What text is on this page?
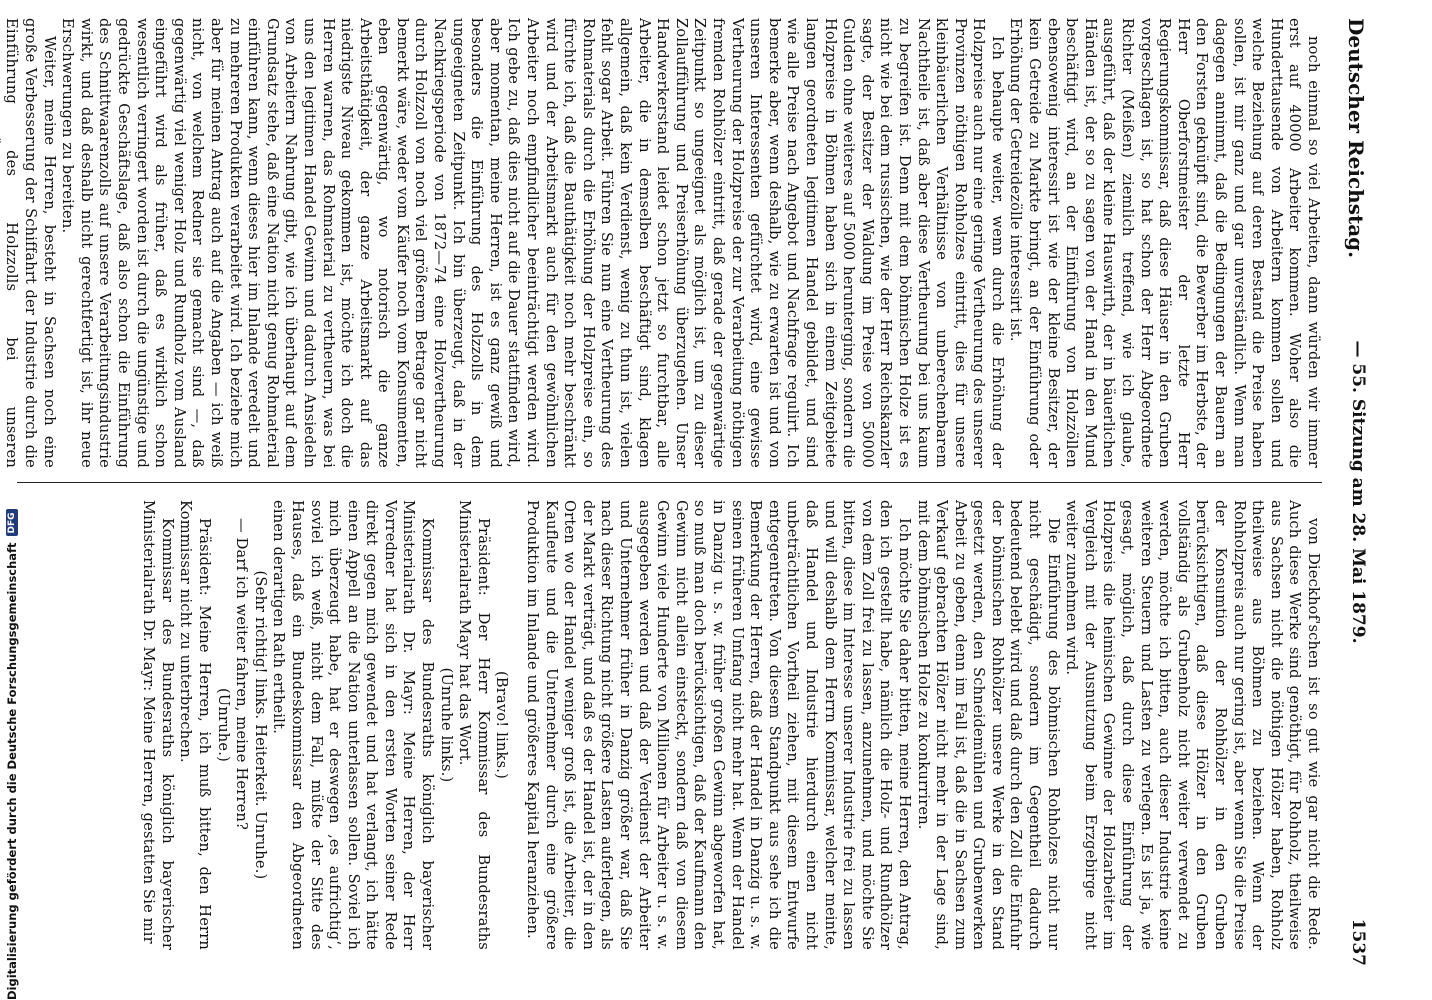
Deutscher Reichstag.
— 55. Sitzung am 28. Mai 1879.
1537

noch einmal so viel Arbeiten, dann würden wir immer erst auf 40000 Arbeiter kommen. Woher also die Hunderttausende von Arbeitern kommen sollen und welche Beziehung auf deren Bestand die Preise haben sollen, ist mir ganz und gar unverständlich. Wenn man dagegen annimmt, daß die Bedingungen der Bauern an den Forsten geknüpft sind, die Bewerber im Herbste, der Herr Oberforstmeister der letzte Herr Regierungskommissar, daß diese Häuser in den Gruben vorgeschlagen ist, so hat schon der Herr Abgeordnete Richter (Meißen) ziemlich treffend, wie ich glaube, ausgeführt, daß der kleine Hauswirth, der in bäuerlichen Händen ist, der so zu sagen von der Hand in den Mund beschäftigt wird, an der Einführung von Holzzöllen ebensowenig interessirt ist wie der kleine Besitzer, der kein Getreide zu Markte bringt, an der Einführung oder Erhöhung der Getreidezölle interessirt ist.

Ich behaupte weiter, wenn durch die Erhöhung der Holzpreise auch nur eine geringe Vertheurung des unserer Provinzen nöthigen Rohholzes eintritt, dies für unsere kleinbäuerlichen Verhältnisse von unberechenbarem Nachtheile ist, daß aber diese Vertheurung bei uns kaum zu begreifen ist. Denn mit dem böhmischen Holze ist es nicht wie bei dem russischen, wie der Herr Reichskanzler sagte, der Besitzer der Waldung im Preise von 50000 Gulden ohne weiteres auf 5000 herunterging, sondern die Holzpreise in Böhmen haben sich in einem Zeitgebiete langen geordneten legitimen Handel gebildet, und sind wie alle Preise nach Angebot und Nachfrage regulirt. Ich bemerke aber, wenn deshalb, wie zu erwarten ist und von unseren Interessenten gefürchtet wird, eine gewisse Vertheurung der Holzpreise der zur Verarbeitung nöthigen fremden Rohhölzer eintritt, daß gerade der gegenwärtige Zeitpunkt so ungeeignet als möglich ist, um zu dieser Zollaufführung und Preiserhöhung überzugehen. Unser Handwerkerstand leidet schon jetzt so furchtbar, alle Arbeiter, die in demselben beschäftigt sind, klagen allgemein, daß kein Verdienst, wenig zu thun ist, vielen fehlt sogar Arbeit. Führen Sie nun eine Vertheurung des Rohmaterials durch die Erhöhung der Holzpreise ein, so fürchte ich, daß die Bauthätigkeit noch mehr beschränkt wird und der Arbeitsmarkt auch für den gewöhnlichen Arbeiter noch empfindlicher beeinträchtigt werden wird. Ich gebe zu, daß dies nicht auf die Dauer stattfinden wird, aber momentan, meine Herren, ist es ganz gewiß und besonders die Einführung des Holzzolls in dem ungeeigneten Zeitpunkt. Ich bin überzeugt, daß in der Nachkriegsperiode von 1872—74 eine Holzvertheurung durch Holzzoll von noch viel größerem Betrage gar nicht bemerkt wäre, weder vom Käufer noch vom Konsumenten, eben gegenwärtig, wo notorisch die ganze Arbeitsthätigkeit, der ganze Arbeitsmarkt auf das niedrigste Niveau gekommen ist, möchte ich doch die Herren warnen, das Rohmaterial zu vertheuern, was bei uns den legitimen Handel Gewinn und dadurch Ansiedeln von Arbeitern Nahrung gibt, wie ich überhaupt auf dem Grundsatz stehe, daß eine Nation nicht genug Rohmaterial einführen kann, wenn dieses hier im Inlande veredelt und zu mehreren Produkten verarbeitet wird. Ich beziehe mich aber für meinen Antrag auch auf die Angaben — ich weiß nicht, von welchem Redner sie gemacht sind —, daß gegenwärtig viel weniger Holz und Rundholz vom Ausland eingeführt wird als früher, daß es wirklich schon wesentlich verringert worden ist durch die ungünstige und gedrückte Geschäftslage, daß also schon die Einführung des Schnittwaarenzolls auf unsere Verarbeitungsindustrie wirkt, und daß deshalb nicht gerechtfertigt ist, ihr neue Erschwerungen zu bereiten.

Weiter, meine Herren, besteht in Sachsen noch eine große Verbesserung der Schiffahrt der Industrie durch die Einführung des Holzzolls bei unseren

von Dieckhof'schen ist so gut wie gar nicht die Rede. Auch diese Werke sind genöthigt, für Rohholz, theilweise aus Sachsen nicht die nöthigen Hölzer haben, Rohholz theilweise aus Böhmen zu beziehen. Wenn der Rohholzpreis auch nur gering ist, aber wenn Sie die Preise der Konsumtion der Rohhölzer in den Gruben berücksichtigen, daß diese Hölzer in den Gruben vollständig als Grubenholz nicht weiter verwendet zu werden, möchte ich bitten, auch dieser Industrie keine weiteren Steuern und Lasten zu verlegen. Es ist ja, wie gesagt, möglich, daß durch diese Einführung der Holzpreis die heimischen Gewinne der Holzarbeiter im Vergleich mit der Ausnutzung beim Erzgebirge nicht weiter zunehmen wird.

Die Einführung des böhmischen Rohholzes nicht nur nicht geschädigt, sondern im Gegentheil dadurch bedeutend belebt wird und daß durch den Zoll die Einfuhr der böhmischen Rohhölzer unsere Werke in den Stand gesetzt werden, den Schneidemühlen und Grubenwerken Arbeit zu geben, denn im Fall ist, daß die in Sachsen zum Verkauf gebrachten Hölzer nicht mehr in der Lage sind, mit dem böhmischen Holze zu konkurriren.

Ich möchte Sie daher bitten, meine Herren, den Antrag, den ich gestellt habe, nämlich die Holz- und Rundhölzer von dem Zoll frei zu lassen, anzunehmen, und möchte Sie bitten, diese im Interesse unserer Industrie frei zu lassen und will deshalb dem Herrn Kommissar, welcher meinte, daß Handel und Industrie hierdurch einen nicht unbeträchtlichen Vortheil ziehen, mit diesem Entwurfe entgegentreten. Von diesem Standpunkt aus sehe ich die Bemerkung der Herren, daß der Handel in Danzig u. s. w. seinen früheren Umfang nicht mehr hat. Wenn der Handel in Danzig u. s. w. früher großen Gewinn abgeworfen hat, so muß man doch berücksichtigen, daß der Kaufmann den Gewinn nicht allein einsteckt, sondern daß von diesem Gewinn viele Hunderte von Millionen für Arbeiter u. s. w. ausgegeben werden und daß der Verdienst der Arbeiter und Unternehmer früher in Danzig größer war, daß Sie nach dieser Richtung nicht größere Lasten auferlegen, als der Markt verträgt, und daß es der Handel ist, der in den Orten wo der Handel weniger groß ist, die Arbeiter, die Kaufleute und die Unternehmer durch eine größere Produktion im Inlande und größeres Kapital heranziehen.

(Bravo! links.)

Präsident: Der Herr Kommissar des Bundesraths Ministerialrath Mayr hat das Wort.

(Unruhe links.)

Kommissar des Bundesraths königlich bayerischer Ministerialrath Dr. Mayr: Meine Herren, der Herr Vorredner hat sich in den ersten Worten seiner Rede direkt gegen mich gewendet und hat verlangt, ich hätte einen Appell an die Nation unterlassen sollen. Soviel ich mich überzeugt habe, hat er deswegen ‚es aufrichtig‘, soviel ich weiß, nicht dem Fall, müßte der Sitte des Hauses, daß ein Bundeskommissar den Abgeordneten einen derartigen Rath ertheilt.

(Sehr richtig! links. Heiterkeit. Unruhe.)

— Darf ich weiter fahren, meine Herren?

(Unruhe.)

Präsident: Meine Herren, ich muß bitten, den Herrn Kommissar nicht zu unterbrechen.

Kommissar des Bundesraths königlich bayerischer Ministerialrath Dr. Mayr: Meine Herren, gestatten Sie mir

Digitalisierung gefördert durch die Deutsche Forschungsgemeinschaft
DFG
